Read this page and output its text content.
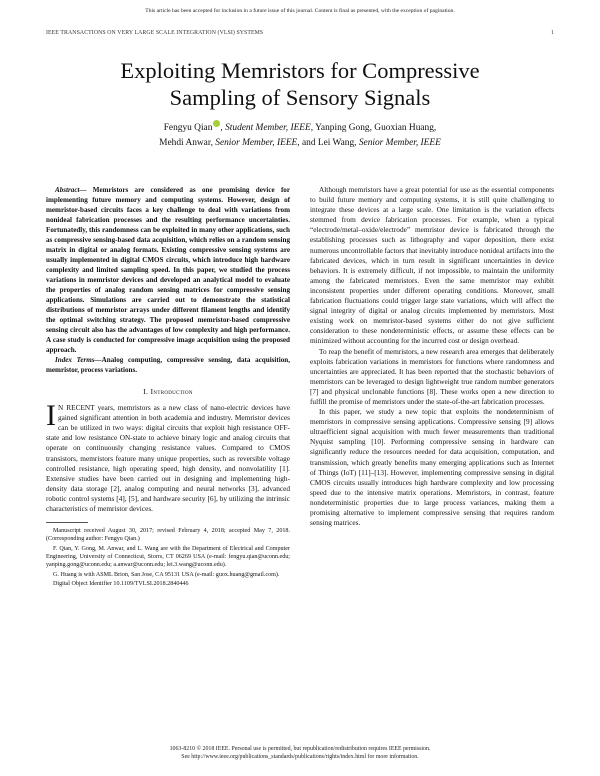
This article has been accepted for inclusion in a future issue of this journal. Content is final as presented, with the exception of pagination.
IEEE TRANSACTIONS ON VERY LARGE SCALE INTEGRATION (VLSI) SYSTEMS	1
Exploiting Memristors for Compressive
Sampling of Sensory Signals
Fengyu Qian , Student Member, IEEE, Yanping Gong, Guoxian Huang,
Mehdi Anwar, Senior Member, IEEE, and Lei Wang, Senior Member, IEEE

Abstract— Memristors are considered as one promising device for implementing future memory and computing systems. However, design of memristor-based circuits faces a key challenge to deal with variations from nonideal fabrication processes and the resulting performance uncertainties. Fortunatedly, this randomness can be exploited in many other applications, such as compressive sensing-based data acquisition, which relies on a random sensing matrix in digital or analog formats. Existing compressive sensing systems are usually implemented in digital CMOS circuits, which introduce high hardware complexity and limited sampling speed. In this paper, we studied the process variations in memristor devices and developed an analytical model to evaluate the properties of analog random sensing matrices for compressive sensing applications. Simulations are carried out to demonstrate the statistical distributions of memristor arrays under different filament lengths and identify the optimal switching strategy. The proposed memristor-based compressive sensing circuit also has the advantages of low complexity and high performance. A case study is conducted for compressive image acquisition using the proposed approach.

Index Terms—Analog computing, compressive sensing, data acquisition, memristor, process variations.

I. Introduction

I N RECENT years, memristors as a new class of nano-electric devices have gained significant attention in both academia and industry. Memristor devices can be utilized in two ways: digital circuits that exploit high resistance OFF-state and low resistance ON-state to achieve binary logic and analog circuits that operate on continuously changing resistance values. Compared to CMOS transistors, memristors feature many unique properties, such as reversible voltage controlled resistance, high operating speed, high density, and nonvolatility [1]. Extensive studies have been carried out in designing and implementing high-density data storage [2], analog computing and neural networks [3], advanced robotic control systems [4], [5], and hardware security [6], by utilizing the intrinsic characteristics of memristor devices.

Manuscript received August 30, 2017; revised February 4, 2018; accepted May 7, 2018. (Corresponding author: Fengyu Qian.)

F. Qian, Y. Gong, M. Anwar, and L. Wang are with the Department of Electrical and Computer Engineering, University of Connecticut, Storrs, CT 06269 USA (e-mail: fengyu.qian@uconn.edu; yanping.gong@uconn.edu; a.anwar@uconn.edu; lei.3.wang@uconn.edu).

G. Huang is with ASML Brion, San Jose, CA 95131 USA (e-mail: guox.huang@gmail.com).

Digital Object Identifier 10.1109/TVLSI.2018.2840446

Although memristors have a great potential for use as the essential components to build future memory and computing systems, it is still quite challenging to integrate these devices at a large scale. One limitation is the variation effects stemmed from device fabrication processes. For example, when a typical “electrode/metal–oxide/electrode” memristor device is fabricated through the establishing processes such as lithography and vapor deposition, there exist numerous uncontrollable factors that inevitably introduce nonideal artifacts into the fabricated devices, which in turn result in significant uncertainties in device behaviors. It is extremely difficult, if not impossible, to maintain the uniformity among the fabricated memristors. Even the same memristor may exhibit inconsistent properties under different operating conditions. Moreover, small fabrication fluctuations could trigger large state variations, which will affect the signal integrity of digital or analog circuits implemented by memristors. Most existing work on memristor-based systems either do not give sufficient consideration to these nondeterministic effects, or assume these effects can be minimized without accounting for the incurred cost or design overhead.

To reap the benefit of memristors, a new research area emerges that deliberately exploits fabrication variations in memristors for functions where randomness and uncertainties are appreciated. It has been reported that the stochastic behaviors of memristors can be leveraged to design lightweight true random number generators [7] and physical unclonable functions [8]. These works open a new direction to fulfill the promise of memristors under the state-of-the-art fabrication processes.

In this paper, we study a new topic that exploits the nondeterminism of memristors in compressive sensing applications. Compressive sensing [9] allows ultraefficient signal acquisition with much fewer measurements than traditional Nyquist sampling [10]. Performing compressive sensing in hardware can significantly reduce the resources needed for data acquisition, computation, and transmission, which greatly benefits many emerging applications such as Internet of Things (IoT) [11]–[13]. However, implementing compressive sensing in digital CMOS circuits usually introduces high hardware complexity and low processing speed due to the intensive matrix operations. Memristors, in contrast, feature nondeterministic properties due to large process variances, making them a promising alternative to implement compressive sensing that requires random sensing matrices.

1063-8210 © 2018 IEEE. Personal use is permitted, but republication/redistribution requires IEEE permission.
See http://www.ieee.org/publications_standards/publications/rights/index.html for more information.
